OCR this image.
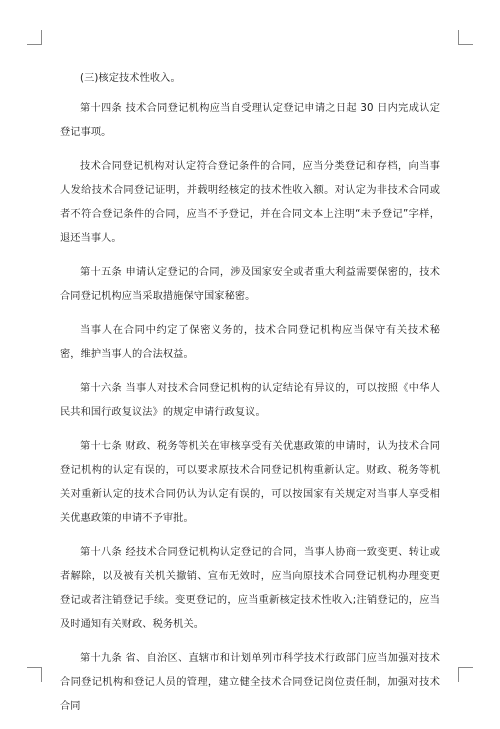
(三)核定技术性收入。

第十四条 技术合同登记机构应当自受理认定登记申请之日起 30 日内完成认定登记事项。

技术合同登记机构对认定符合登记条件的合同，应当分类登记和存档，向当事人发给技术合同登记证明，并载明经核定的技术性收入额。对认定为非技术合同或者不符合登记条件的合同，应当不予登记，并在合同文本上注明“未予登记”字样，退还当事人。

第十五条 申请认定登记的合同，涉及国家安全或者重大利益需要保密的，技术合同登记机构应当采取措施保守国家秘密。

当事人在合同中约定了保密义务的，技术合同登记机构应当保守有关技术秘密，维护当事人的合法权益。

第十六条 当事人对技术合同登记机构的认定结论有异议的，可以按照《中华人民共和国行政复议法》的规定申请行政复议。

第十七条 财政、税务等机关在审核享受有关优惠政策的申请时，认为技术合同登记机构的认定有误的，可以要求原技术合同登记机构重新认定。财政、税务等机关对重新认定的技术合同仍认为认定有误的，可以按国家有关规定对当事人享受相关优惠政策的申请不予审批。

第十八条 经技术合同登记机构认定登记的合同，当事人协商一致变更、转让或者解除，以及被有关机关撤销、宣布无效时，应当向原技术合同登记机构办理变更登记或者注销登记手续。变更登记的，应当重新核定技术性收入;注销登记的，应当及时通知有关财政、税务机关。

第十九条 省、自治区、直辖市和计划单列市科学技术行政部门应当加强对技术合同登记机构和登记人员的管理，建立健全技术合同登记岗位责任制，加强对技术合同
